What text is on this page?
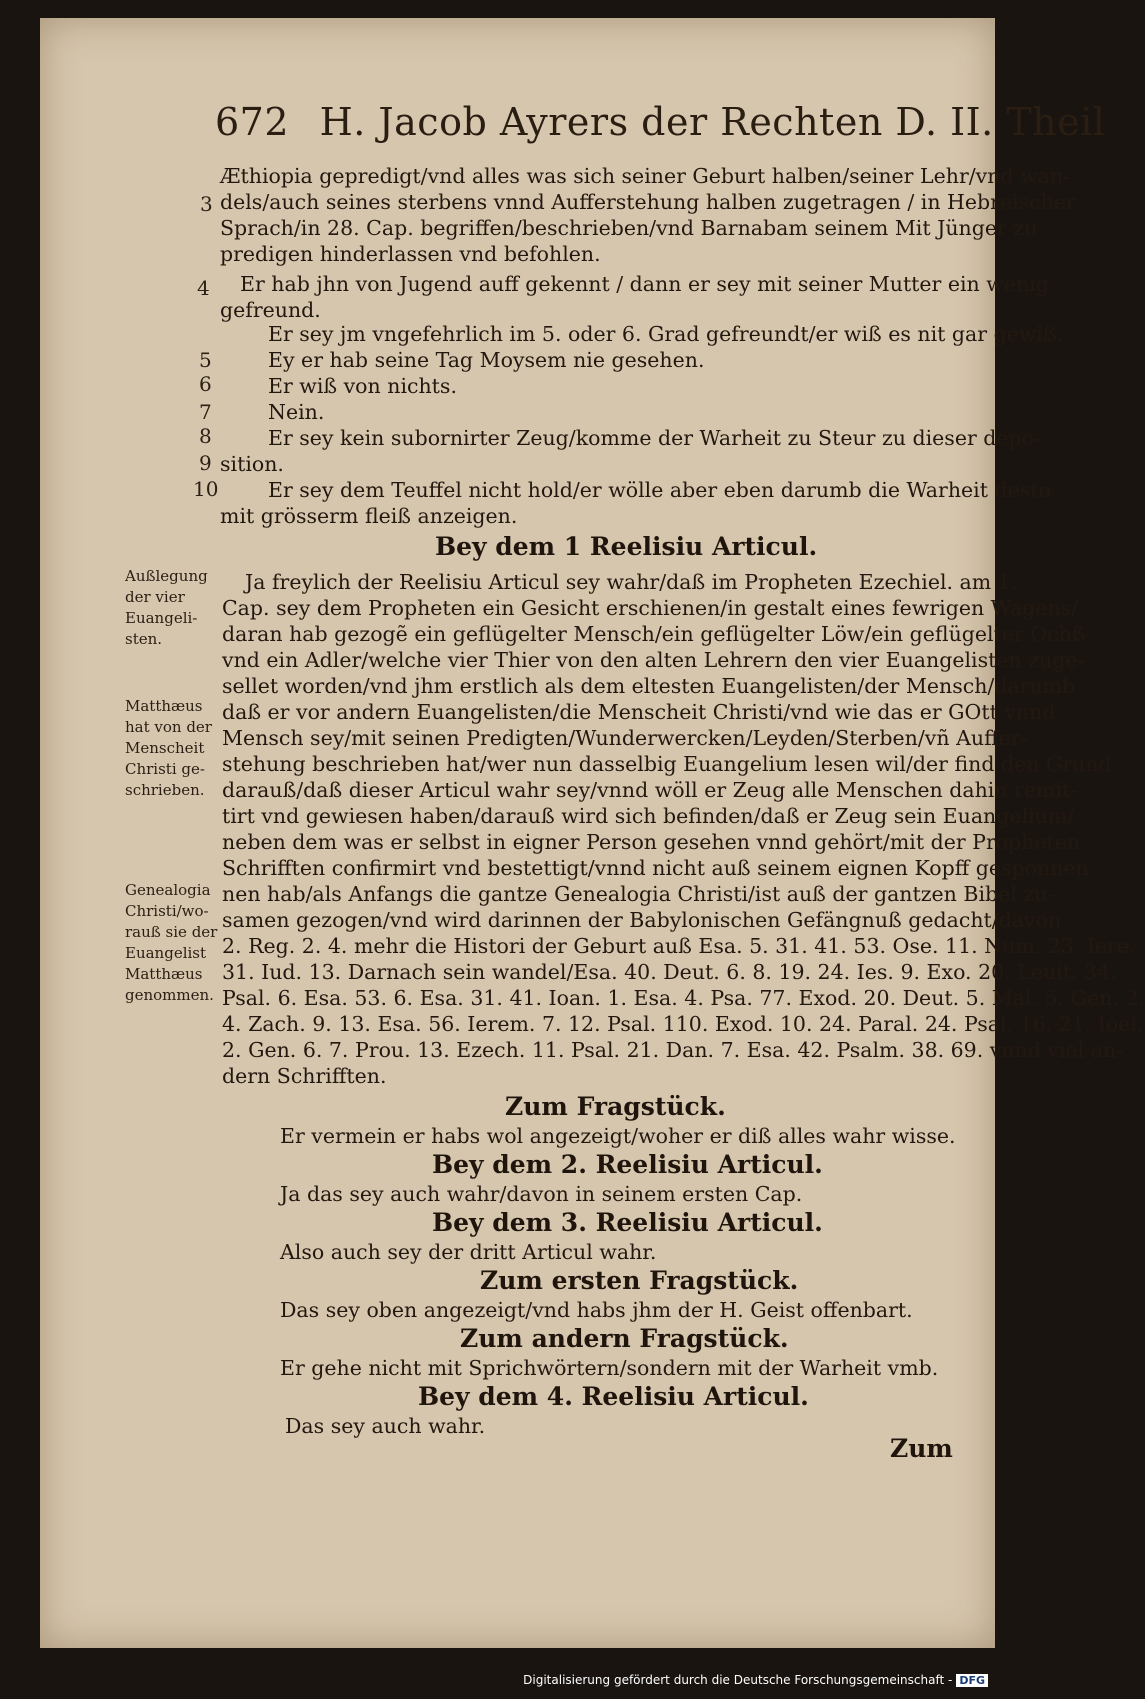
672 H. Jacob Ayrers der Rechten D. II. Theil
3
4
5
6
7
8
9
10
Æthiopia gepredigt/vnd alles was sich seiner Geburt halben/seiner Lehr/vnd wan-
dels/auch seines sterbens vnnd Aufferstehung halben zugetragen / in Hebreischer
Sprach/in 28. Cap. begriffen/beschrieben/vnd Barnabam seinem Mit Jünger zu
predigen hinderlassen vnd befohlen.
Er hab jhn von Jugend auff gekennt / dann er sey mit seiner Mutter ein wenig
gefreund.
Er sey jm vngefehrlich im 5. oder 6. Grad gefreundt/er wiß es nit gar gewiß.
Ey er hab seine Tag Moysem nie gesehen.
Er wiß von nichts.
Nein.
Er sey kein subornirter Zeug/komme der Warheit zu Steur zu dieser depo-
sition.
Er sey dem Teuffel nicht hold/er wölle aber eben darumb die Warheit desto
mit grösserm fleiß anzeigen.
Bey dem 1 Reelisiu Articul.
Außlegung
der vier
Euangeli-
sten.
Matthæus
hat von der
Menscheit
Christi ge-
schrieben.
Genealogia
Christi/wo-
rauß sie der
Euangelist
Matthæus
genommen.
Ja freylich der Reelisiu Articul sey wahr/daß im Propheten Ezechiel. am 1.
Cap. sey dem Propheten ein Gesicht erschienen/in gestalt eines fewrigen Wagens/
daran hab gezogẽ ein geflügelter Mensch/ein geflügelter Löw/ein geflügelter Ochß
vnd ein Adler/welche vier Thier von den alten Lehrern den vier Euangelisten zuge-
sellet worden/vnd jhm erstlich als dem eltesten Euangelisten/der Mensch/darumb
daß er vor andern Euangelisten/die Menscheit Christi/vnd wie das er GOtt vnnd
Mensch sey/mit seinen Predigten/Wunderwercken/Leyden/Sterben/vñ Auffer-
stehung beschrieben hat/wer nun dasselbig Euangelium lesen wil/der find den Grund
darauß/daß dieser Articul wahr sey/vnnd wöll er Zeug alle Menschen dahin remit-
tirt vnd gewiesen haben/darauß wird sich befinden/daß er Zeug sein Euangelium/
neben dem was er selbst in eigner Person gesehen vnnd gehört/mit der Propheten
Schrifften confirmirt vnd bestettigt/vnnd nicht auß seinem eignen Kopff gesponnen
nen hab/als Anfangs die gantze Genealogia Christi/ist auß der gantzen Bibel zu-
samen gezogen/vnd wird darinnen der Babylonischen Gefängnuß gedacht/davon
2. Reg. 2. 4. mehr die Histori der Geburt auß Esa. 5. 31. 41. 53. Ose. 11. Num. 23. Iere.
31. Iud. 13. Darnach sein wandel/Esa. 40. Deut. 6. 8. 19. 24. Ies. 9. Exo. 20. Leuit. 34.
Psal. 6. Esa. 53. 6. Esa. 31. 41. Ioan. 1. Esa. 4. Psa. 77. Exod. 20. Deut. 5. Mal. 5. Gen. 2.
4. Zach. 9. 13. Esa. 56. Ierem. 7. 12. Psal. 110. Exod. 10. 24. Paral. 24. Psal. 16. 21. Ioel.
2. Gen. 6. 7. Prou. 13. Ezech. 11. Psal. 21. Dan. 7. Esa. 42. Psalm. 38. 69. vnnd viel an-
dern Schrifften.
Zum Fragstück.
Er vermein er habs wol angezeigt/woher er diß alles wahr wisse.
Bey dem 2. Reelisiu Articul.
Ja das sey auch wahr/davon in seinem ersten Cap.
Bey dem 3. Reelisiu Articul.
Also auch sey der dritt Articul wahr.
Zum ersten Fragstück.
Das sey oben angezeigt/vnd habs jhm der H. Geist offenbart.
Zum andern Fragstück.
Er gehe nicht mit Sprichwörtern/sondern mit der Warheit vmb.
Bey dem 4. Reelisiu Articul.
Das sey auch wahr.
Zum
Digitalisierung gefördert durch die Deutsche Forschungsgemeinschaft - DFG
